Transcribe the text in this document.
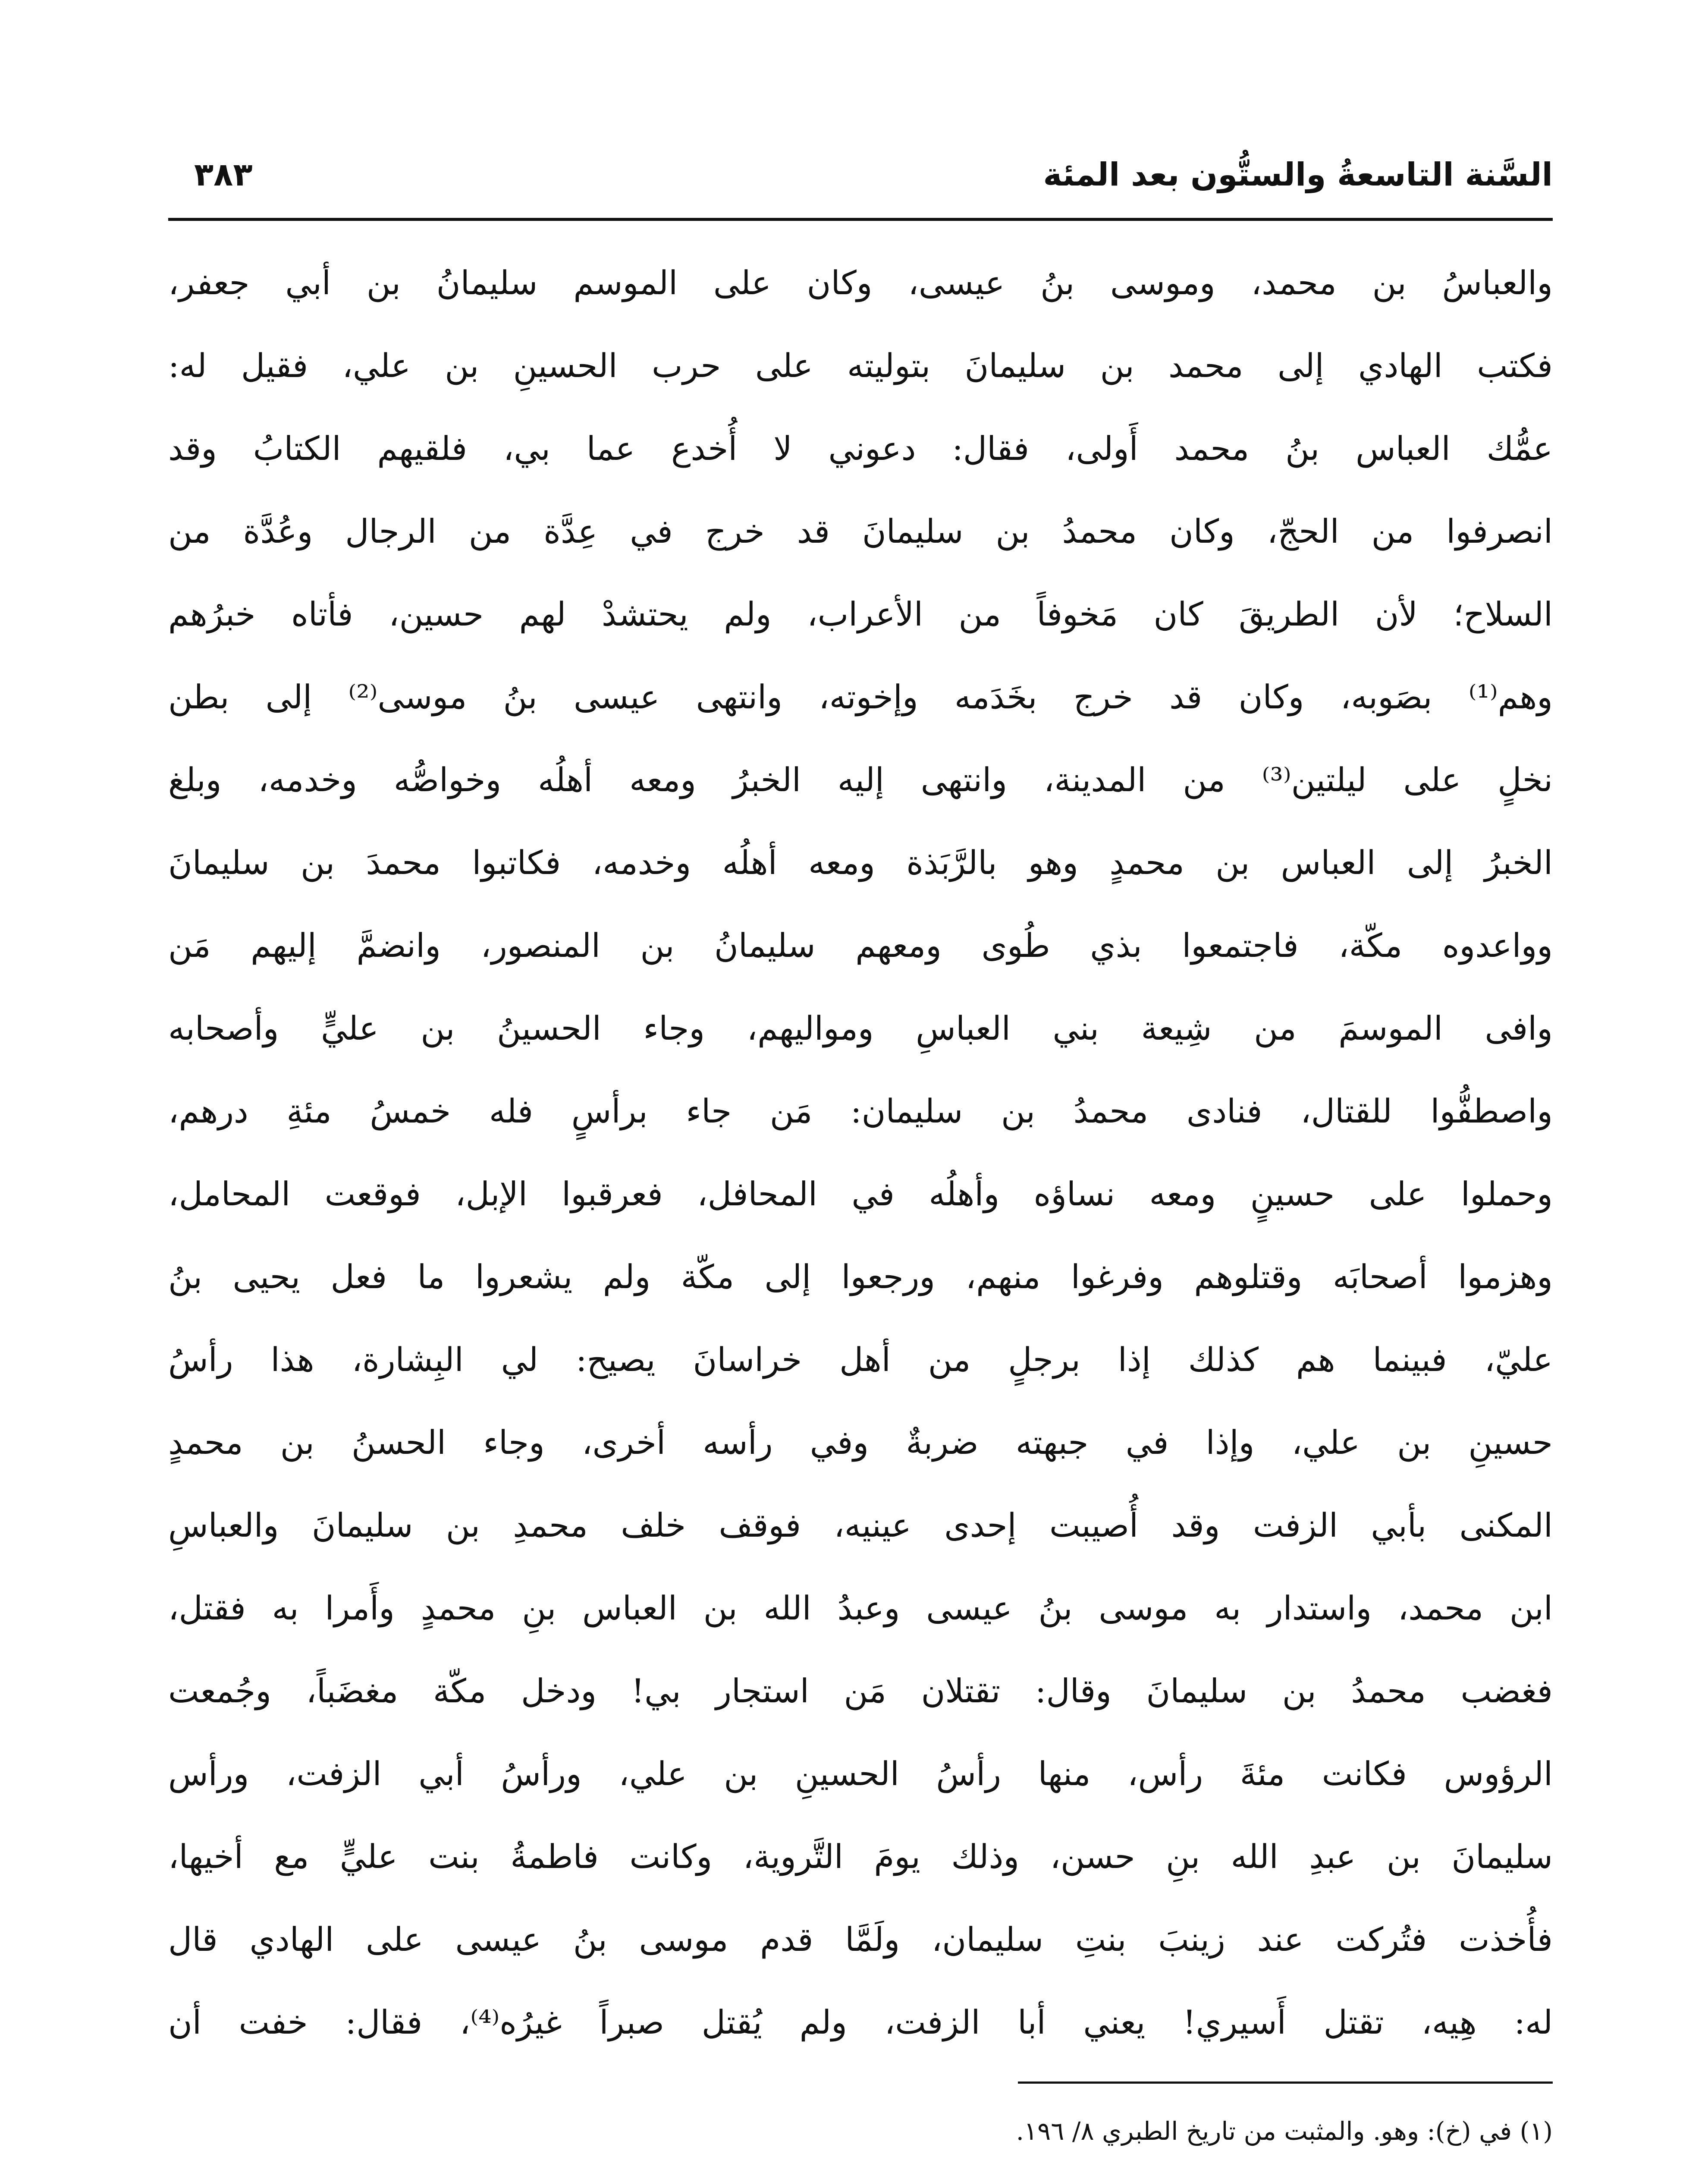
السَّنة التاسعةُ والستُّون بعد المئة
٣٨٣
والعباسُ بن محمد، وموسى بنُ عيسى، وكان على الموسم سليمانُ بن أبي جعفر،
فكتب الهادي إلى محمد بن سليمانَ بتوليته على حرب الحسينِ بن علي، فقيل له:
عمُّك العباس بنُ محمد أَولى، فقال: دعوني لا أُخدع عما بي، فلقيهم الكتابُ وقد
انصرفوا من الحجّ، وكان محمدُ بن سليمانَ قد خرج في عِدَّة من الرجال وعُدَّة من
السلاح؛ لأن الطريقَ كان مَخوفاً من الأعراب، ولم يحتشدْ لهم حسين، فأتاه خبرُهم
وهم⁽¹⁾ بصَوبه، وكان قد خرج بخَدَمه وإخوته، وانتهى عيسى بنُ موسى⁽²⁾ إلى بطن
نخلٍ على ليلتين⁽³⁾ من المدينة، وانتهى إليه الخبرُ ومعه أهلُه وخواصُّه وخدمه، وبلغ
الخبرُ إلى العباس بن محمدٍ وهو بالرَّبَذة ومعه أهلُه وخدمه، فكاتبوا محمدَ بن سليمانَ
وواعدوه مكّة، فاجتمعوا بذي طُوى ومعهم سليمانُ بن المنصور، وانضمَّ إليهم مَن
وافى الموسمَ من شِيعة بني العباسِ ومواليهم، وجاء الحسينُ بن عليٍّ وأصحابه
واصطفُّوا للقتال، فنادى محمدُ بن سليمان: مَن جاء برأسٍ فله خمسُ مئةِ درهم،
وحملوا على حسينٍ ومعه نساؤه وأهلُه في المحافل، فعرقبوا الإبل، فوقعت المحامل،
وهزموا أصحابَه وقتلوهم وفرغوا منهم، ورجعوا إلى مكّة ولم يشعروا ما فعل يحيى بنُ
عليّ، فبينما هم كذلك إذا برجلٍ من أهل خراسانَ يصيح: لي البِشارة، هذا رأسُ
حسينِ بن علي، وإذا في جبهته ضربةٌ وفي رأسه أخرى، وجاء الحسنُ بن محمدٍ
المكنى بأبي الزفت وقد أُصيبت إحدى عينيه، فوقف خلف محمدِ بن سليمانَ والعباسِ
ابن محمد، واستدار به موسى بنُ عيسى وعبدُ الله بن العباس بنِ محمدٍ وأَمرا به فقتل،
فغضب محمدُ بن سليمانَ وقال: تقتلان مَن استجار بي! ودخل مكّة مغضَباً، وجُمعت
الرؤوس فكانت مئةَ رأس، منها رأسُ الحسينِ بن علي، ورأسُ أبي الزفت، ورأس
سليمانَ بن عبدِ الله بنِ حسن، وذلك يومَ التَّروية، وكانت فاطمةُ بنت عليٍّ مع أخيها،
فأُخذت فتُركت عند زينبَ بنتِ سليمان، ولَمَّا قدم موسى بنُ عيسى على الهادي قال
له: هِيه، تقتل أَسيري! يعني أبا الزفت، ولم يُقتل صبراً غيرُه⁽⁴⁾، فقال: خفت أن
(١) في (خ): وهو. والمثبت من تاريخ الطبري ٨/ ١٩٦.
